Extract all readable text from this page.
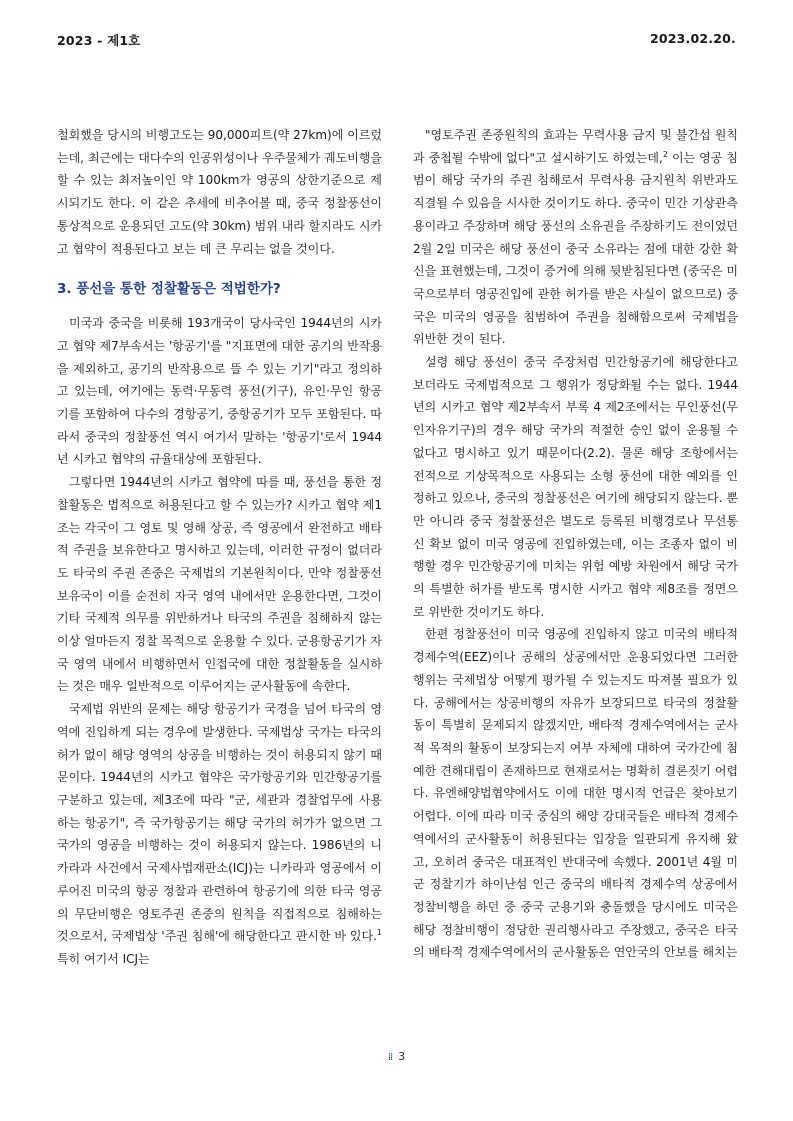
2023 - 제1호	2023.02.20.

철회했을 당시의 비행고도는 90,000피트(약 27km)에 이르렀는데, 최근에는 대다수의 인공위성이나 우주물체가 궤도비행을 할 수 있는 최저높이인 약 100km가 영공의 상한기준으로 제시되기도 한다. 이 같은 추세에 비추어볼 때, 중국 정찰풍선이 통상적으로 운용되던 고도(약 30km) 범위 내라 할지라도 시카고 협약이 적용된다고 보는 데 큰 무리는 없을 것이다.

3. 풍선을 통한 정찰활동은 적법한가?

미국과 중국을 비롯해 193개국이 당사국인 1944년의 시카고 협약 제7부속서는 '항공기'를 "지표면에 대한 공기의 반작용을 제외하고, 공기의 반작용으로 뜰 수 있는 기기"라고 정의하고 있는데, 여기에는 동력·무동력 풍선(기구), 유인·무인 항공기를 포함하여 다수의 경항공기, 중항공기가 모두 포함된다. 따라서 중국의 정찰풍선 역시 여기서 말하는 '항공기'로서 1944년 시카고 협약의 규율대상에 포함된다.

그렇다면 1944년의 시카고 협약에 따를 때, 풍선을 통한 정찰활동은 법적으로 허용된다고 할 수 있는가? 시카고 협약 제1조는 각국이 그 영토 및 영해 상공, 즉 영공에서 완전하고 배타적 주권을 보유한다고 명시하고 있는데, 이러한 규정이 없더라도 타국의 주권 존중은 국제법의 기본원칙이다. 만약 정찰풍선 보유국이 이를 순전히 자국 영역 내에서만 운용한다면, 그것이 기타 국제적 의무를 위반하거나 타국의 주권을 침해하지 않는 이상 얼마든지 정찰 목적으로 운용할 수 있다. 군용항공기가 자국 영역 내에서 비행하면서 인접국에 대한 정찰활동을 실시하는 것은 매우 일반적으로 이루어지는 군사활동에 속한다.

국제법 위반의 문제는 해당 항공기가 국경을 넘어 타국의 영역에 진입하게 되는 경우에 발생한다. 국제법상 국가는 타국의 허가 없이 해당 영역의 상공을 비행하는 것이 허용되지 않기 때문이다. 1944년의 시카고 협약은 국가항공기와 민간항공기를 구분하고 있는데, 제3조에 따라 "군, 세관과 경찰업무에 사용하는 항공기", 즉 국가항공기는 해당 국가의 허가가 없으면 그 국가의 영공을 비행하는 것이 허용되지 않는다. 1986년의 니카라과 사건에서 국제사법재판소(ICJ)는 니카라과 영공에서 이루어진 미국의 항공 정찰과 관련하여 항공기에 의한 타국 영공의 무단비행은 영토주권 존중의 원칙을 직접적으로 침해하는 것으로서, 국제법상 '주권 침해'에 해당한다고 판시한 바 있다.$^1$ 특히 여기서 ICJ는

"영토주권 존중원칙의 효과는 무력사용 금지 및 불간섭 원칙과 중첩될 수밖에 없다"고 설시하기도 하였는데,$^2$ 이는 영공 침범이 해당 국가의 주권 침해로서 무력사용 금지원칙 위반과도 직결될 수 있음을 시사한 것이기도 하다. 중국이 민간 기상관측용이라고 주장하며 해당 풍선의 소유권을 주장하기도 전이었던 2월 2일 미국은 해당 풍선이 중국 소유라는 점에 대한 강한 확신을 표현했는데, 그것이 증거에 의해 뒷받침된다면 (중국은 미국으로부터 영공진입에 관한 허가를 받은 사실이 없으므로) 중국은 미국의 영공을 침범하여 주권을 침해함으로써 국제법을 위반한 것이 된다.

설령 해당 풍선이 중국 주장처럼 민간항공기에 해당한다고 보더라도 국제법적으로 그 행위가 정당화될 수는 없다. 1944년의 시카고 협약 제2부속서 부록 4 제2조에서는 무인풍선(무인자유기구)의 경우 해당 국가의 적절한 승인 없이 운용될 수 없다고 명시하고 있기 때문이다(2.2). 물론 해당 조항에서는 전적으로 기상목적으로 사용되는 소형 풍선에 대한 예외를 인정하고 있으나, 중국의 정찰풍선은 여기에 해당되지 않는다. 뿐만 아니라 중국 정찰풍선은 별도로 등록된 비행경로나 무선통신 확보 없이 미국 영공에 진입하였는데, 이는 조종자 없이 비행할 경우 민간항공기에 미치는 위험 예방 차원에서 해당 국가의 특별한 허가를 받도록 명시한 시카고 협약 제8조를 정면으로 위반한 것이기도 하다.

한편 정찰풍선이 미국 영공에 진입하지 않고 미국의 배타적 경제수역(EEZ)이나 공해의 상공에서만 운용되었다면 그러한 행위는 국제법상 어떻게 평가될 수 있는지도 따져볼 필요가 있다. 공해에서는 상공비행의 자유가 보장되므로 타국의 정찰활동이 특별히 문제되지 않겠지만, 배타적 경제수역에서는 군사적 목적의 활동이 보장되는지 여부 자체에 대하여 국가간에 첨예한 견해대립이 존재하므로 현재로서는 명확히 결론짓기 어렵다. 유엔해양법협약에서도 이에 대한 명시적 언급은 찾아보기 어렵다. 이에 따라 미국 중심의 해양 강대국들은 배타적 경제수역에서의 군사활동이 허용된다는 입장을 일관되게 유지해 왔고, 오히려 중국은 대표적인 반대국에 속했다. 2001년 4월 미군 정찰기가 하이난섬 인근 중국의 배타적 경제수역 상공에서 정찰비행을 하던 중 중국 군용기와 충돌했을 당시에도 미국은 해당 정찰비행이 정당한 권리행사라고 주장했고, 중국은 타국의 배타적 경제수역에서의 군사활동은 연안국의 안보를 해치는

⁞⁞ 3
